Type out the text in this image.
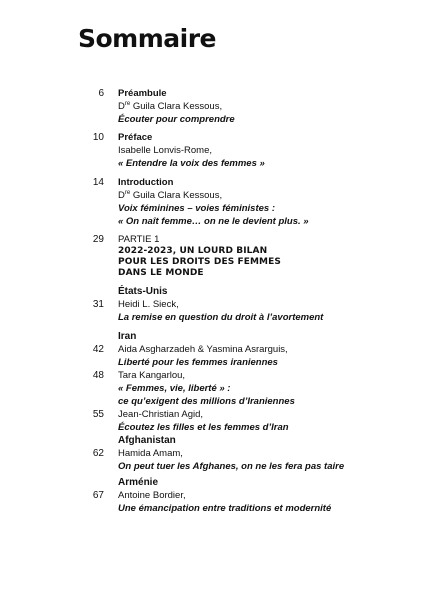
Sommaire
6 Préambule
Dre Guila Clara Kessous,
Écouter pour comprendre
10 Préface
Isabelle Lonvis-Rome,
« Entendre la voix des femmes »
14 Introduction
Dre Guila Clara Kessous,
Voix féminines – voies féministes :
« On naît femme… on ne le devient plus. »
29 PARTIE 1
2022-2023, UN LOURD BILAN
POUR LES DROITS DES FEMMES
DANS LE MONDE
États-Unis
31 Heidi L. Sieck,
La remise en question du droit à l’avortement
Iran
42 Aida Asgharzadeh & Yasmina Asrarguis,
Liberté pour les femmes iraniennes
48 Tara Kangarlou,
« Femmes, vie, liberté » :
ce qu’exigent des millions d’Iraniennes
55 Jean-Christian Agid,
Écoutez les filles et les femmes d’Iran
Afghanistan
62 Hamida Amam,
On peut tuer les Afghanes, on ne les fera pas taire
Arménie
67 Antoine Bordier,
Une émancipation entre traditions et modernité
